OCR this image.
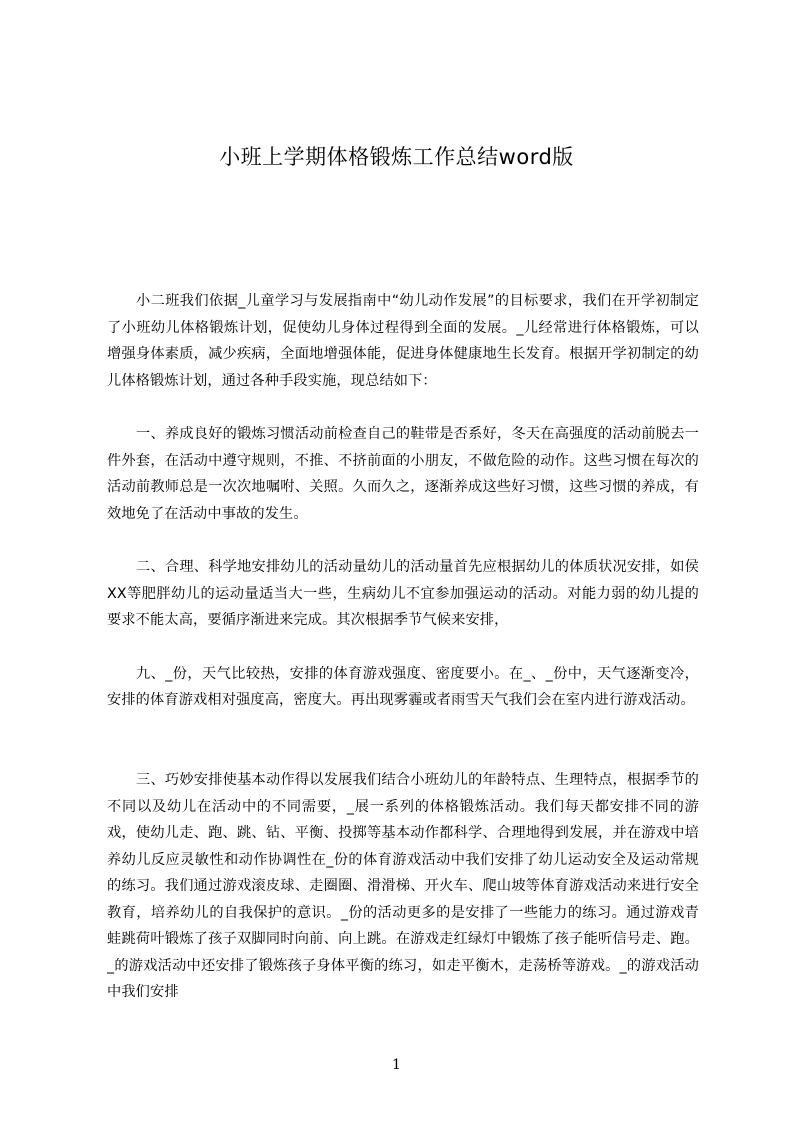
小班上学期体格锻炼工作总结word版

小二班我们依据_儿童学习与发展指南中“幼儿动作发展”的目标要求，我们在开学初制定了小班幼儿体格锻炼计划，促使幼儿身体过程得到全面的发展。_儿经常进行体格锻炼，可以增强身体素质，减少疾病，全面地增强体能，促进身体健康地生长发育。根据开学初制定的幼儿体格锻炼计划，通过各种手段实施，现总结如下：

一、养成良好的锻炼习惯活动前检查自己的鞋带是否系好，冬天在高强度的活动前脱去一件外套，在活动中遵守规则，不推、不挤前面的小朋友，不做危险的动作。这些习惯在每次的活动前教师总是一次次地嘱咐、关照。久而久之，逐渐养成这些好习惯，这些习惯的养成，有效地免了在活动中事故的发生。

二、合理、科学地安排幼儿的活动量幼儿的活动量首先应根据幼儿的体质状况安排，如侯XX等肥胖幼儿的运动量适当大一些，生病幼儿不宜参加强运动的活动。对能力弱的幼儿提的要求不能太高，要循序渐进来完成。其次根据季节气候来安排，

九、_份，天气比较热，安排的体育游戏强度、密度要小。在_、_份中，天气逐渐变冷，安排的体育游戏相对强度高，密度大。再出现雾霾或者雨雪天气我们会在室内进行游戏活动。

三、巧妙安排使基本动作得以发展我们结合小班幼儿的年龄特点、生理特点，根据季节的不同以及幼儿在活动中的不同需要，_展一系列的体格锻炼活动。我们每天都安排不同的游戏，使幼儿走、跑、跳、钻、平衡、投掷等基本动作都科学、合理地得到发展，并在游戏中培养幼儿反应灵敏性和动作协调性在_份的体育游戏活动中我们安排了幼儿运动安全及运动常规的练习。我们通过游戏滚皮球、走圈圈、滑滑梯、开火车、爬山坡等体育游戏活动来进行安全教育，培养幼儿的自我保护的意识。_份的活动更多的是安排了一些能力的练习。通过游戏青蛙跳荷叶锻炼了孩子双脚同时向前、向上跳。在游戏走红绿灯中锻炼了孩子能听信号走、跑。_的游戏活动中还安排了锻炼孩子身体平衡的练习，如走平衡木，走荡桥等游戏。_的游戏活动中我们安排

1
